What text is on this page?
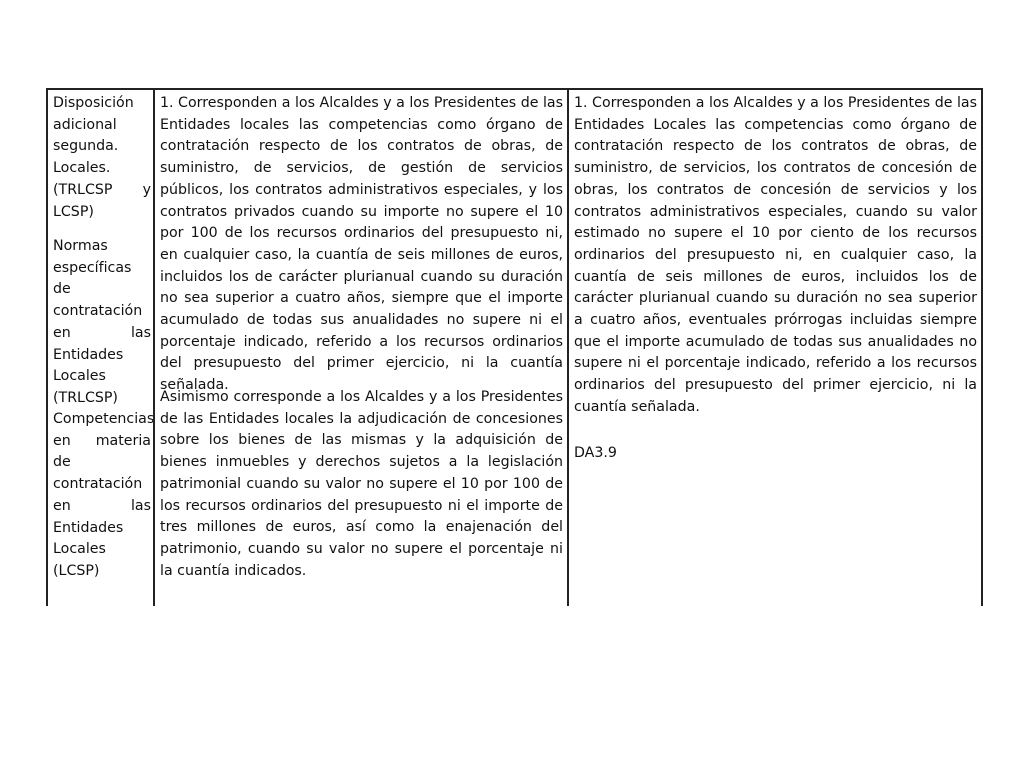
Disposición adicional segunda. Locales. (TRLCSP y LCSP)

Normas específicas de contratación en las Entidades Locales (TRLCSP)

Competencias en materia de contratación en las Entidades Locales (LCSP)

1. Corresponden a los Alcaldes y a los Presidentes de las Entidades locales las competencias como órgano de contratación respecto de los contratos de obras, de suministro, de servicios, de gestión de servicios públicos, los contratos administrativos especiales, y los contratos privados cuando su importe no supere el 10 por 100 de los recursos ordinarios del presupuesto ni, en cualquier caso, la cuantía de seis millones de euros, incluidos los de carácter plurianual cuando su duración no sea superior a cuatro años, siempre que el importe acumulado de todas sus anualidades no supere ni el porcentaje indicado, referido a los recursos ordinarios del presupuesto del primer ejercicio, ni la cuantía señalada.

Asimismo corresponde a los Alcaldes y a los Presidentes de las Entidades locales la adjudicación de concesiones sobre los bienes de las mismas y la adquisición de bienes inmuebles y derechos sujetos a la legislación patrimonial cuando su valor no supere el 10 por 100 de los recursos ordinarios del presupuesto ni el importe de tres millones de euros, así como la enajenación del patrimonio, cuando su valor no supere el porcentaje ni la cuantía indicados.

1. Corresponden a los Alcaldes y a los Presidentes de las Entidades Locales las competencias como órgano de contratación respecto de los contratos de obras, de suministro, de servicios, los contratos de concesión de obras, los contratos de concesión de servicios y los contratos administrativos especiales, cuando su valor estimado no supere el 10 por ciento de los recursos ordinarios del presupuesto ni, en cualquier caso, la cuantía de seis millones de euros, incluidos los de carácter plurianual cuando su duración no sea superior a cuatro años, eventuales prórrogas incluidas siempre que el importe acumulado de todas sus anualidades no supere ni el porcentaje indicado, referido a los recursos ordinarios del presupuesto del primer ejercicio, ni la cuantía señalada.

DA3.9
